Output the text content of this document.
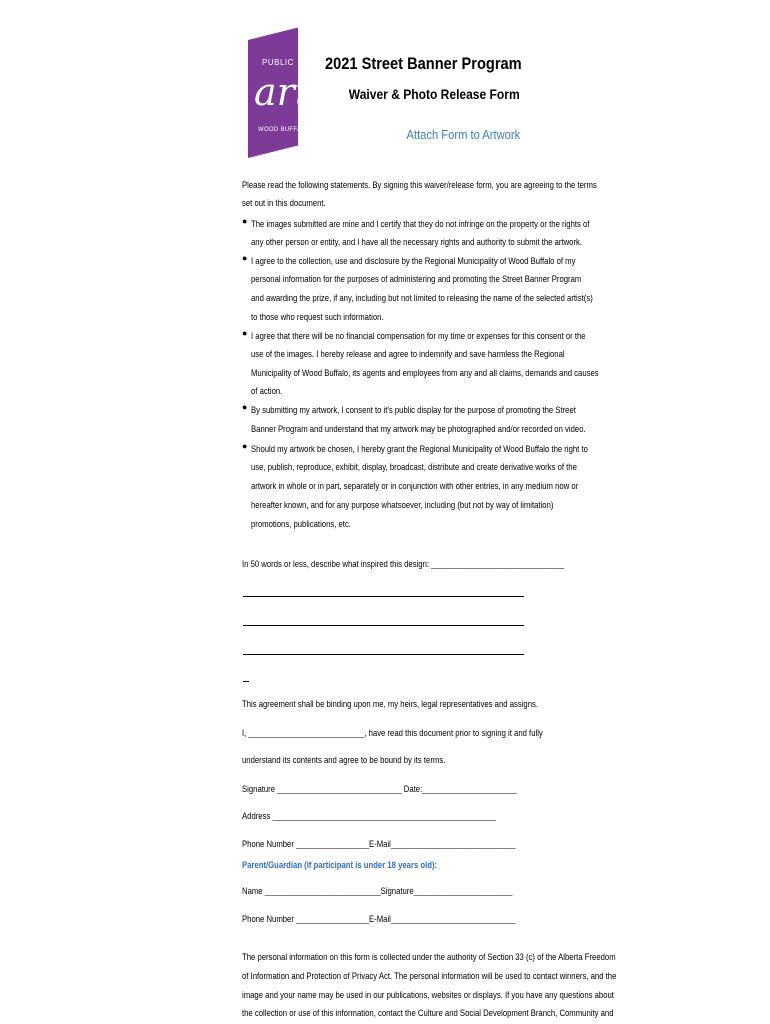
PUBLIC
art
WOOD BUFFALO
2021 Street Banner Program
Waiver & Photo Release Form
Attach Form to Artwork
Please read the following statements. By signing this waiver/release form, you are agreeing to the terms
set out in this document.
● The images submitted are mine and I certify that they do not infringe on the property or the rights of
any other person or entity, and I have all the necessary rights and authority to submit the artwork.
● I agree to the collection, use and disclosure by the Regional Municipality of Wood Buffalo of my
personal information for the purposes of administering and promoting the Street Banner Program
and awarding the prize, if any, including but not limited to releasing the name of the selected artist(s)
to those who request such information.
● I agree that there will be no financial compensation for my time or expenses for this consent or the
use of the images. I hereby release and agree to indemnify and save harmless the Regional
Municipality of Wood Buffalo, its agents and employees from any and all claims, demands and causes
of action.
● By submitting my artwork, I consent to it's public display for the purpose of promoting the Street
Banner Program and understand that my artwork may be photographed and/or recorded on video.
● Should my artwork be chosen, I hereby grant the Regional Municipality of Wood Buffalo the right to
use, publish, reproduce, exhibit, display, broadcast, distribute and create derivative works of the
artwork in whole or in part, separately or in conjunction with other entries, in any medium now or
hereafter known, and for any purpose whatsoever, including (but not by way of limitation)
promotions, publications, etc.
In 50 words or less, describe what inspired this design: _______________________________
This agreement shall be binding upon me, my heirs, legal representatives and assigns.
I, ___________________________, have read this document prior to signing it and fully
understand its contents and agree to be bound by its terms.
Signature _____________________________ Date:______________________
Address ____________________________________________________
Phone Number _________________E-Mail_____________________________
Parent/Guardian (If participant is under 18 years old):
Name ___________________________Signature_______________________
Phone Number _________________E-Mail_____________________________
The personal information on this form is collected under the authority of Section 33 (c) of the Alberta Freedom
of Information and Protection of Privacy Act. The personal information will be used to contact winners, and the
image and your name may be used in our publications, websites or displays. If you have any questions about
the collection or use of this information, contact the Culture and Social Development Branch, Community and
